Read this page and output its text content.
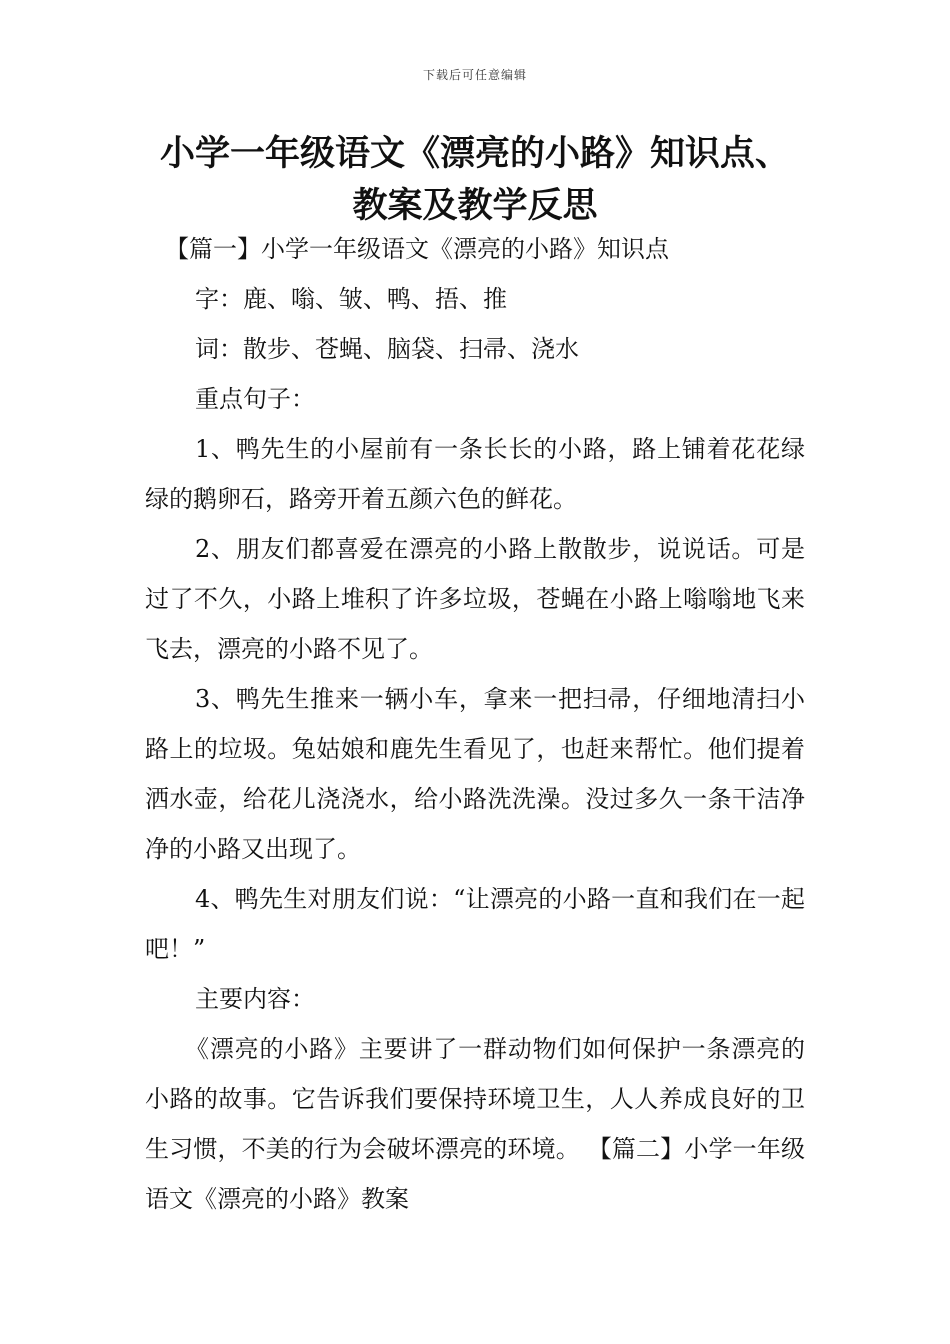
下载后可任意编辑
小学一年级语文《漂亮的小路》知识点、
教案及教学反思

【篇一】小学一年级语文《漂亮的小路》知识点

字：鹿、嗡、皱、鸭、捂、推

词：散步、苍蝇、脑袋、扫帚、浇水

重点句子：

1、鸭先生的小屋前有一条长长的小路，路上铺着花花绿绿的鹅卵石，路旁开着五颜六色的鲜花。

2、朋友们都喜爱在漂亮的小路上散散步，说说话。可是过了不久，小路上堆积了许多垃圾，苍蝇在小路上嗡嗡地飞来飞去，漂亮的小路不见了。

3、鸭先生推来一辆小车，拿来一把扫帚，仔细地清扫小路上的垃圾。兔姑娘和鹿先生看见了，也赶来帮忙。他们提着洒水壶，给花儿浇浇水，给小路洗洗澡。没过多久一条干洁净净的小路又出现了。

4、鸭先生对朋友们说：“让漂亮的小路一直和我们在一起吧！”

主要内容：

《漂亮的小路》主要讲了一群动物们如何保护一条漂亮的小路的故事。它告诉我们要保持环境卫生，人人养成良好的卫生习惯，不美的行为会破坏漂亮的环境。 【篇二】小学一年级语文《漂亮的小路》教案
